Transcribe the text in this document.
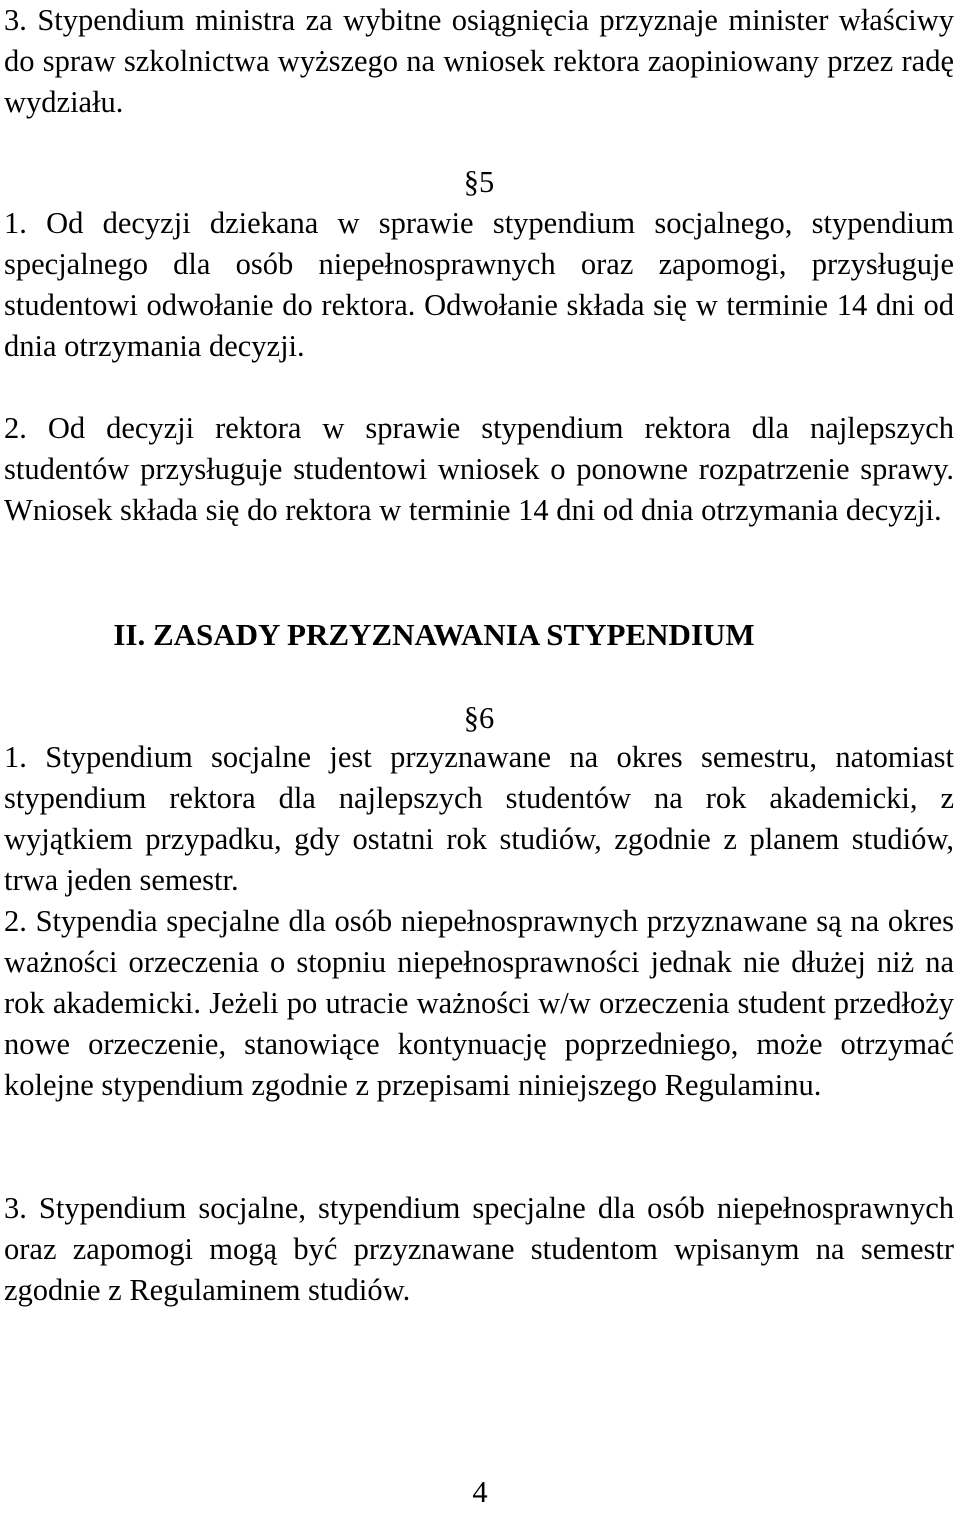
3. Stypendium ministra za wybitne osiągnięcia przyznaje minister właściwy do spraw szkolnictwa wyższego na wniosek rektora zaopiniowany przez radę wydziału.

§5

1. Od decyzji dziekana w sprawie stypendium socjalnego, stypendium specjalnego dla osób niepełnosprawnych oraz zapomogi, przysługuje studentowi odwołanie do rektora. Odwołanie składa się w terminie 14 dni od dnia otrzymania decyzji.

2. Od decyzji rektora w sprawie stypendium rektora dla najlepszych studentów przysługuje studentowi wniosek o ponowne rozpatrzenie sprawy. Wniosek składa się do rektora w terminie 14 dni od dnia otrzymania decyzji.

II. ZASADY PRZYZNAWANIA STYPENDIUM

§6

1. Stypendium socjalne jest przyznawane na okres semestru, natomiast stypendium rektora dla najlepszych studentów na rok akademicki, z wyjątkiem przypadku, gdy ostatni rok studiów, zgodnie z planem studiów, trwa jeden semestr.

2. Stypendia specjalne dla osób niepełnosprawnych przyznawane są na okres ważności orzeczenia o stopniu niepełnosprawności jednak nie dłużej niż na rok akademicki. Jeżeli po utracie ważności w/w orzeczenia student przedłoży nowe orzeczenie, stanowiące kontynuację poprzedniego, może otrzymać kolejne stypendium zgodnie z przepisami niniejszego Regulaminu.

3. Stypendium socjalne, stypendium specjalne dla osób niepełnosprawnych oraz zapomogi mogą być przyznawane studentom wpisanym na semestr zgodnie z Regulaminem studiów.

4
